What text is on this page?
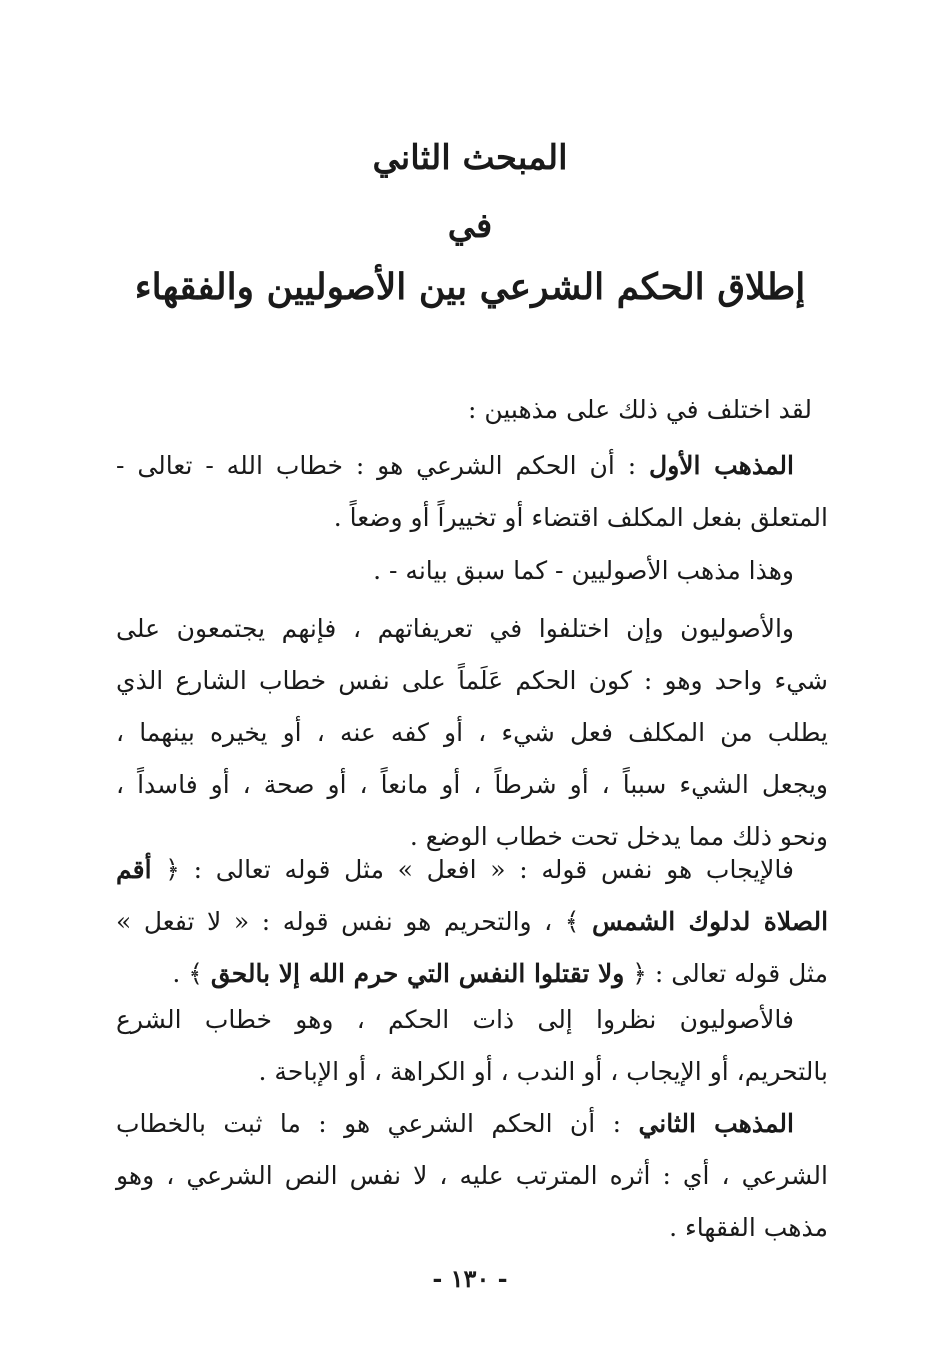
المبحث الثاني
في
إطلاق الحكم الشرعي بين الأصوليين والفقهاء
لقد اختلف في ذلك على مذهبين :
المذهب الأول : أن الحكم الشرعي هو : خطاب الله - تعالى -
المتعلق بفعل المكلف اقتضاء أو تخييراً أو وضعاً .
وهذا مذهب الأصوليين - كما سبق بيانه - .
والأصوليون وإن اختلفوا في تعريفاتهم ، فإنهم يجتمعون على
شيء واحد وهو : كون الحكم عَلَماً على نفس خطاب الشارع الذي
يطلب من المكلف فعل شيء ، أو كفه عنه ، أو يخيره بينهما ،
ويجعل الشيء سبباً ، أو شرطاً ، أو مانعاً ، أو صحة ، أو فاسداً ،
ونحو ذلك مما يدخل تحت خطاب الوضع .
فالإيجاب هو نفس قوله : « افعل » مثل قوله تعالى : ﴿ أقم
الصلاة لدلوك الشمس ﴾ ، والتحريم هو نفس قوله : « لا تفعل »
مثل قوله تعالى : ﴿ ولا تقتلوا النفس التي حرم الله إلا بالحق ﴾ .
فالأصوليون نظروا إلى ذات الحكم ، وهو خطاب الشرع
بالتحريم، أو الإيجاب ، أو الندب ، أو الكراهة ، أو الإباحة .
المذهب الثاني : أن الحكم الشرعي هو : ما ثبت بالخطاب
الشرعي ، أي : أثره المترتب عليه ، لا نفس النص الشرعي ، وهو
مذهب الفقهاء .
- ١٣٠ -
